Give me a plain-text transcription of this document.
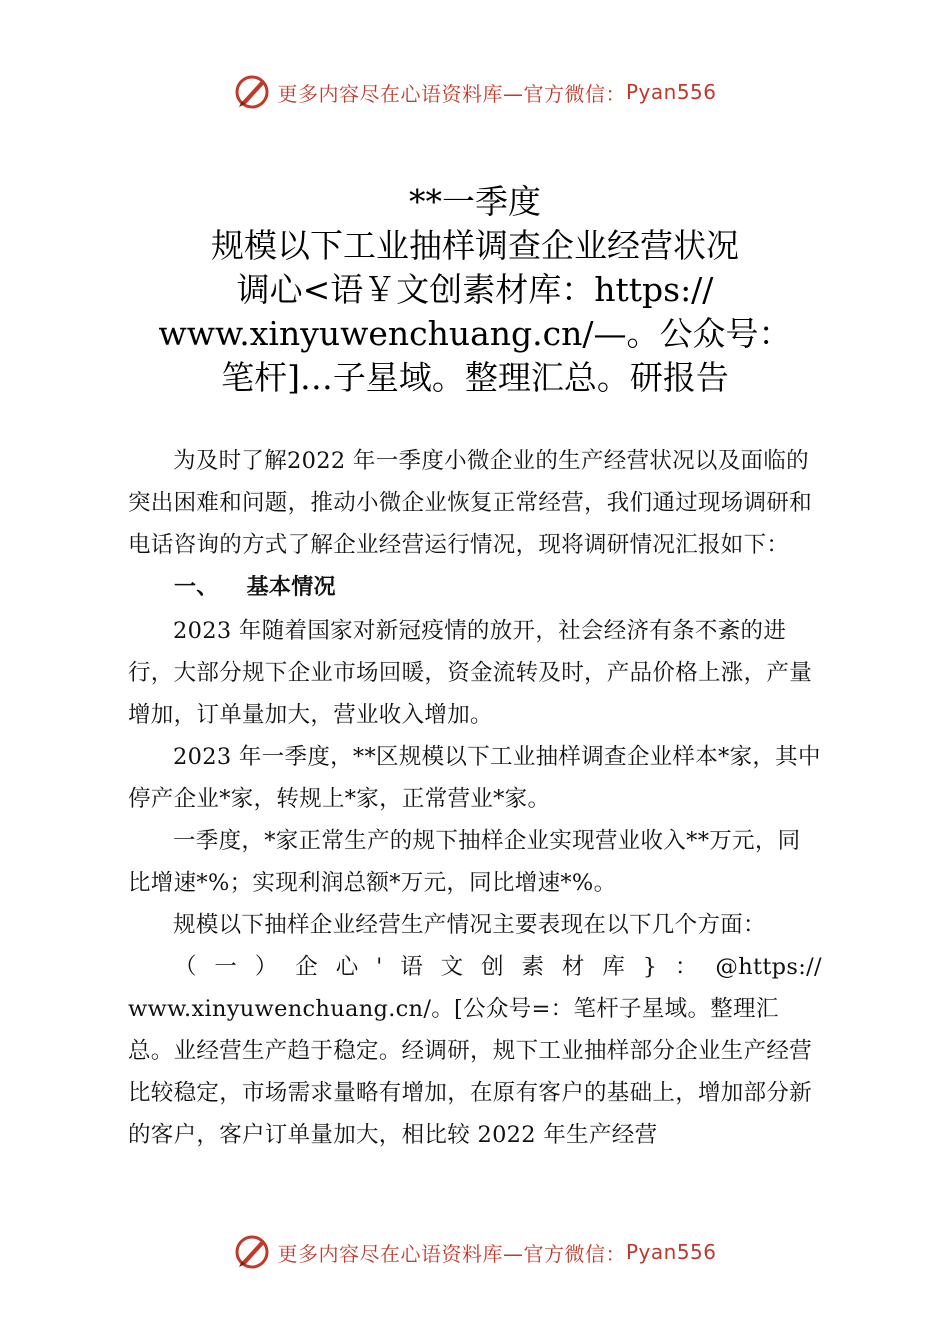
更多内容尽在心语资料库—官方微信： Pyan556
**一季度
规模以下工业抽样调查企业经营状况
调心<语￥文创素材库：https://
www.xinyuwenchuang.cn/—。公众号：
笔杆]…子星域。整理汇总。研报告

为及时了解2022 年一季度小微企业的生产经营状况以及面临的突出困难和问题，推动小微企业恢复正常经营，我们通过现场调研和电话咨询的方式了解企业经营运行情况，现将调研情况汇报如下：

一、 基本情况

2023 年随着国家对新冠疫情的放开，社会经济有条不紊的进行，大部分规下企业市场回暖，资金流转及时，产品价格上涨，产量增加，订单量加大，营业收入增加。

2023 年一季度，**区规模以下工业抽样调查企业样本*家，其中停产企业*家，转规上*家，正常营业*家。

一季度，*家正常生产的规下抽样企业实现营业收入**万元，同比增速*%；实现利润总额*万元，同比增速*%。

规模以下抽样企业经营生产情况主要表现在以下几个方面：

（ 一 ） 企 心 ' 语 文 创 素 材 库 } ： @https://

www.xinyuwenchuang.cn/。[公众号=：笔杆子星域。整理汇总。业经营生产趋于稳定。经调研，规下工业抽样部分企业生产经营比较稳定，市场需求量略有增加，在原有客户的基础上，增加部分新的客户，客户订单量加大，相比较 2022 年生产经营

更多内容尽在心语资料库—官方微信： Pyan556
